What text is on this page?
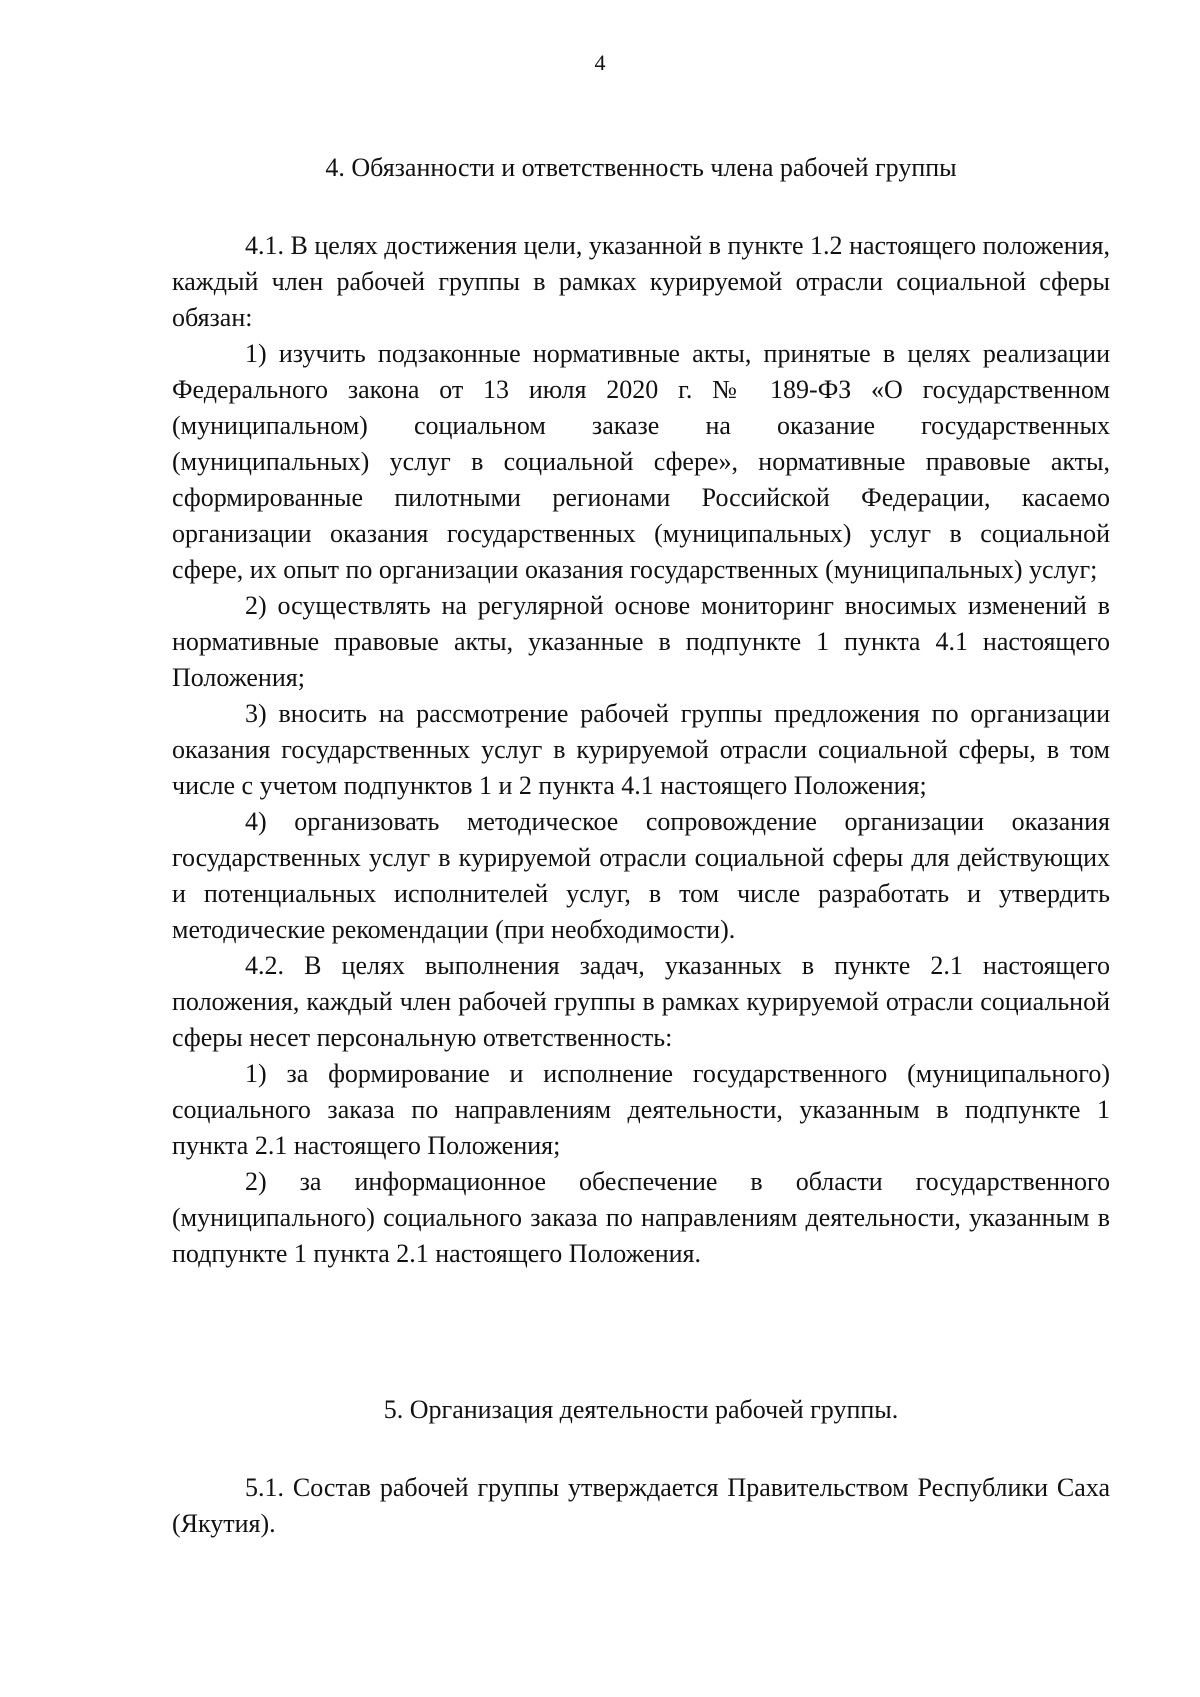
4
4. Обязанности и ответственность члена рабочей группы

4.1. В целях достижения цели, указанной в пункте 1.2 настоящего положения, каждый член рабочей группы в рамках курируемой отрасли социальной сферы обязан:

1) изучить подзаконные нормативные акты, принятые в целях реализации Федерального закона от 13 июля 2020 г. № 189-ФЗ «О государственном (муниципальном) социальном заказе на оказание государственных (муниципальных) услуг в социальной сфере», нормативные правовые акты, сформированные пилотными регионами Российской Федерации, касаемо организации оказания государственных (муниципальных) услуг в социальной сфере, их опыт по организации оказания государственных (муниципальных) услуг;

2) осуществлять на регулярной основе мониторинг вносимых изменений в нормативные правовые акты, указанные в подпункте 1 пункта 4.1 настоящего Положения;

3) вносить на рассмотрение рабочей группы предложения по организации оказания государственных услуг в курируемой отрасли социальной сферы, в том числе с учетом подпунктов 1 и 2 пункта 4.1 настоящего Положения;

4) организовать методическое сопровождение организации оказания государственных услуг в курируемой отрасли социальной сферы для действующих и потенциальных исполнителей услуг, в том числе разработать и утвердить методические рекомендации (при необходимости).

4.2. В целях выполнения задач, указанных в пункте 2.1 настоящего положения, каждый член рабочей группы в рамках курируемой отрасли социальной сферы несет персональную ответственность:

1) за формирование и исполнение государственного (муниципального) социального заказа по направлениям деятельности, указанным в подпункте 1 пункта 2.1 настоящего Положения;

2) за информационное обеспечение в области государственного (муниципального) социального заказа по направлениям деятельности, указанным в подпункте 1 пункта 2.1 настоящего Положения.

5. Организация деятельности рабочей группы.

5.1. Состав рабочей группы утверждается Правительством Республики Саха (Якутия).
